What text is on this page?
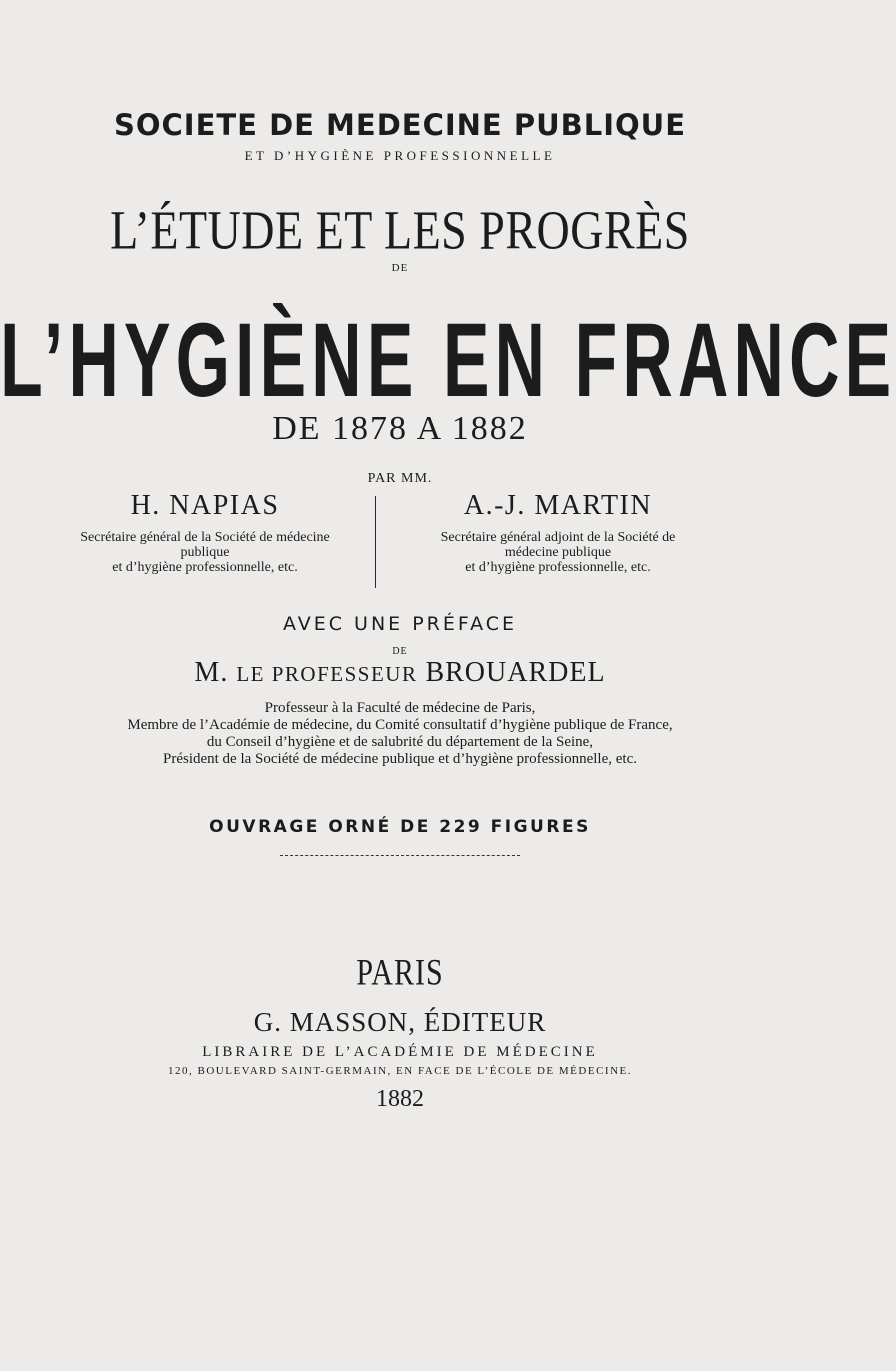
SOCIETE DE MEDECINE PUBLIQUE
ET D’HYGIÈNE PROFESSIONNELLE
L’ÉTUDE ET LES PROGRÈS
DE
L’HYGIÈNE EN FRANCE
DE 1878 A 1882
PAR MM.
H. NAPIAS
Secrétaire général de la Société de médecine
publique
et d’hygiène professionnelle, etc.
A.-J. MARTIN
Secrétaire général adjoint de la Société de
médecine publique
et d’hygiène professionnelle, etc.
AVEC UNE PRÉFACE
DE
M. LE PROFESSEUR BROUARDEL
Professeur à la Faculté de médecine de Paris,
Membre de l’Académie de médecine, du Comité consultatif d’hygiène publique de France,
du Conseil d’hygiène et de salubrité du département de la Seine,
Président de la Société de médecine publique et d’hygiène professionnelle, etc.
OUVRAGE ORNÉ DE 229 FIGURES
PARIS
G. MASSON, ÉDITEUR
LIBRAIRE DE L’ACADÉMIE DE MÉDECINE
120, BOULEVARD SAINT-GERMAIN, EN FACE DE L’ÉCOLE DE MÉDECINE.
1882
